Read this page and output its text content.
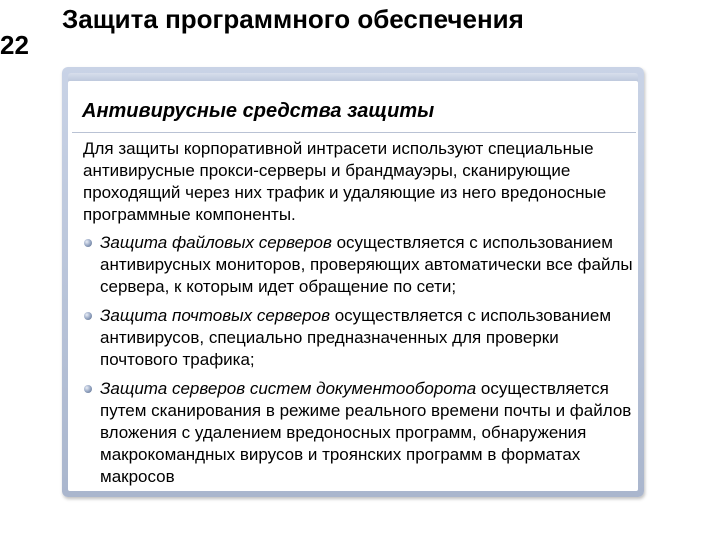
22
Защита программного обеспечения
Антивирусные средства защиты

Для защиты корпоративной интрасети используют специальные антивирусные прокси-серверы и брандмауэры, сканирующие проходящий через них трафик и удаляющие из него вредоносные программные компоненты.

Защита файловых серверов осуществляется с использованием антивирусных мониторов, проверяющих автоматически все файлы сервера, к которым идет обращение по сети;
Защита почтовых серверов осуществляется с использованием антивирусов, специально предназначенных для проверки почтового трафика;
Защита серверов систем документооборота осуществляется путем сканирования в режиме реального времени почты и файлов вложения с удалением вредоносных программ, обнаружения макрокомандных вирусов и троянских программ в форматах макросов
